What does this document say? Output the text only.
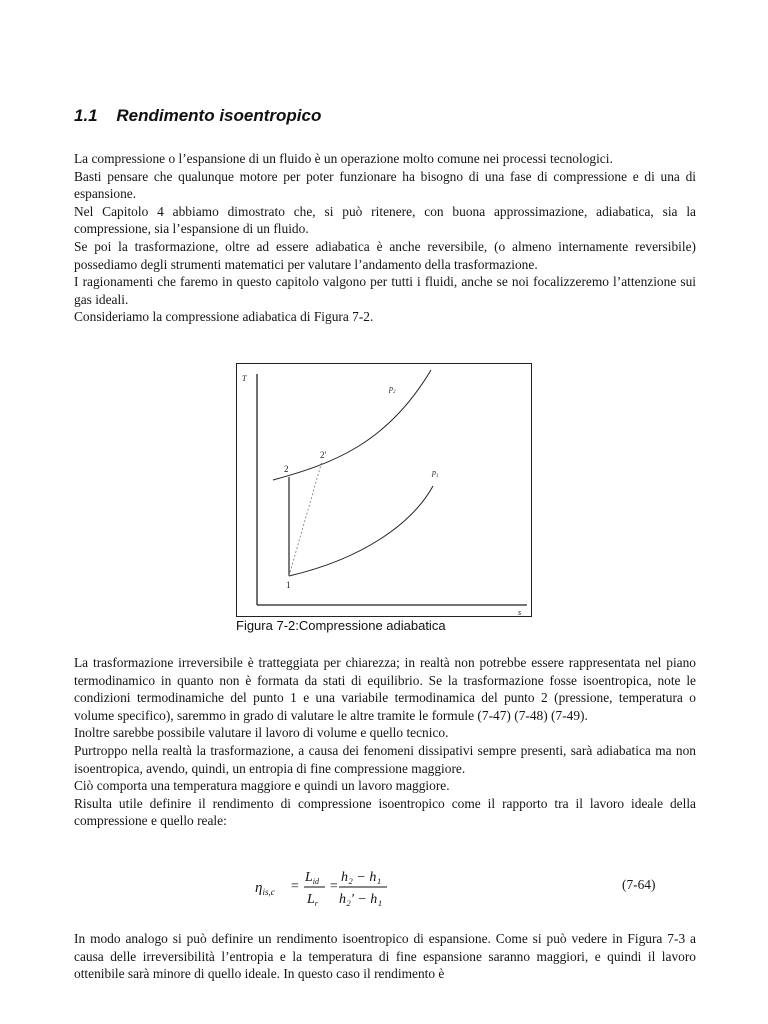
1.1 Rendimento isoentropico

La compressione o l’espansione di un fluido è un operazione molto comune nei processi tecnologici.

Basti pensare che qualunque motore per poter funzionare ha bisogno di una fase di compressione e di una di espansione.

Nel Capitolo 4 abbiamo dimostrato che, si può ritenere, con buona approssimazione, adiabatica, sia la compressione, sia l’espansione di un fluido.

Se poi la trasformazione, oltre ad essere adiabatica è anche reversibile, (o almeno internamente reversibile) possediamo degli strumenti matematici per valutare l’andamento della trasformazione.

I ragionamenti che faremo in questo capitolo valgono per tutti i fluidi, anche se noi focalizzeremo l’attenzione sui gas ideali.

Consideriamo la compressione adiabatica di Figura 7-2.

T
s
$p_2$
$p_1$
2
2'
1
Figura 7-2:Compressione adiabatica

La trasformazione irreversibile è tratteggiata per chiarezza; in realtà non potrebbe essere rappresentata nel piano termodinamico in quanto non è formata da stati di equilibrio. Se la trasformazione fosse isoentropica, note le condizioni termodinamiche del punto 1 e una variabile termodinamica del punto 2 (pressione, temperatura o volume specifico), saremmo in grado di valutare le altre tramite le formule (7-47) (7-48) (7-49).

Inoltre sarebbe possibile valutare il lavoro di volume e quello tecnico.

Purtroppo nella realtà la trasformazione, a causa dei fenomeni dissipativi sempre presenti, sarà adiabatica ma non isoentropica, avendo, quindi, un entropia di fine compressione maggiore.

Ciò comporta una temperatura maggiore e quindi un lavoro maggiore.

Risulta utile definire il rendimento di compressione isoentropico come il rapporto tra il lavoro ideale della compressione e quello reale:

$\eta_{is,c}$ =
$L_{id}$
$L_r$
=
h₂ − h₁
h₂' − h₁
(7-64)

In modo analogo si può definire un rendimento isoentropico di espansione. Come si può vedere in Figura 7-3 a causa delle irreversibilità l’entropia e la temperatura di fine espansione saranno maggiori, e quindi il lavoro ottenibile sarà minore di quello ideale. In questo caso il rendimento è
